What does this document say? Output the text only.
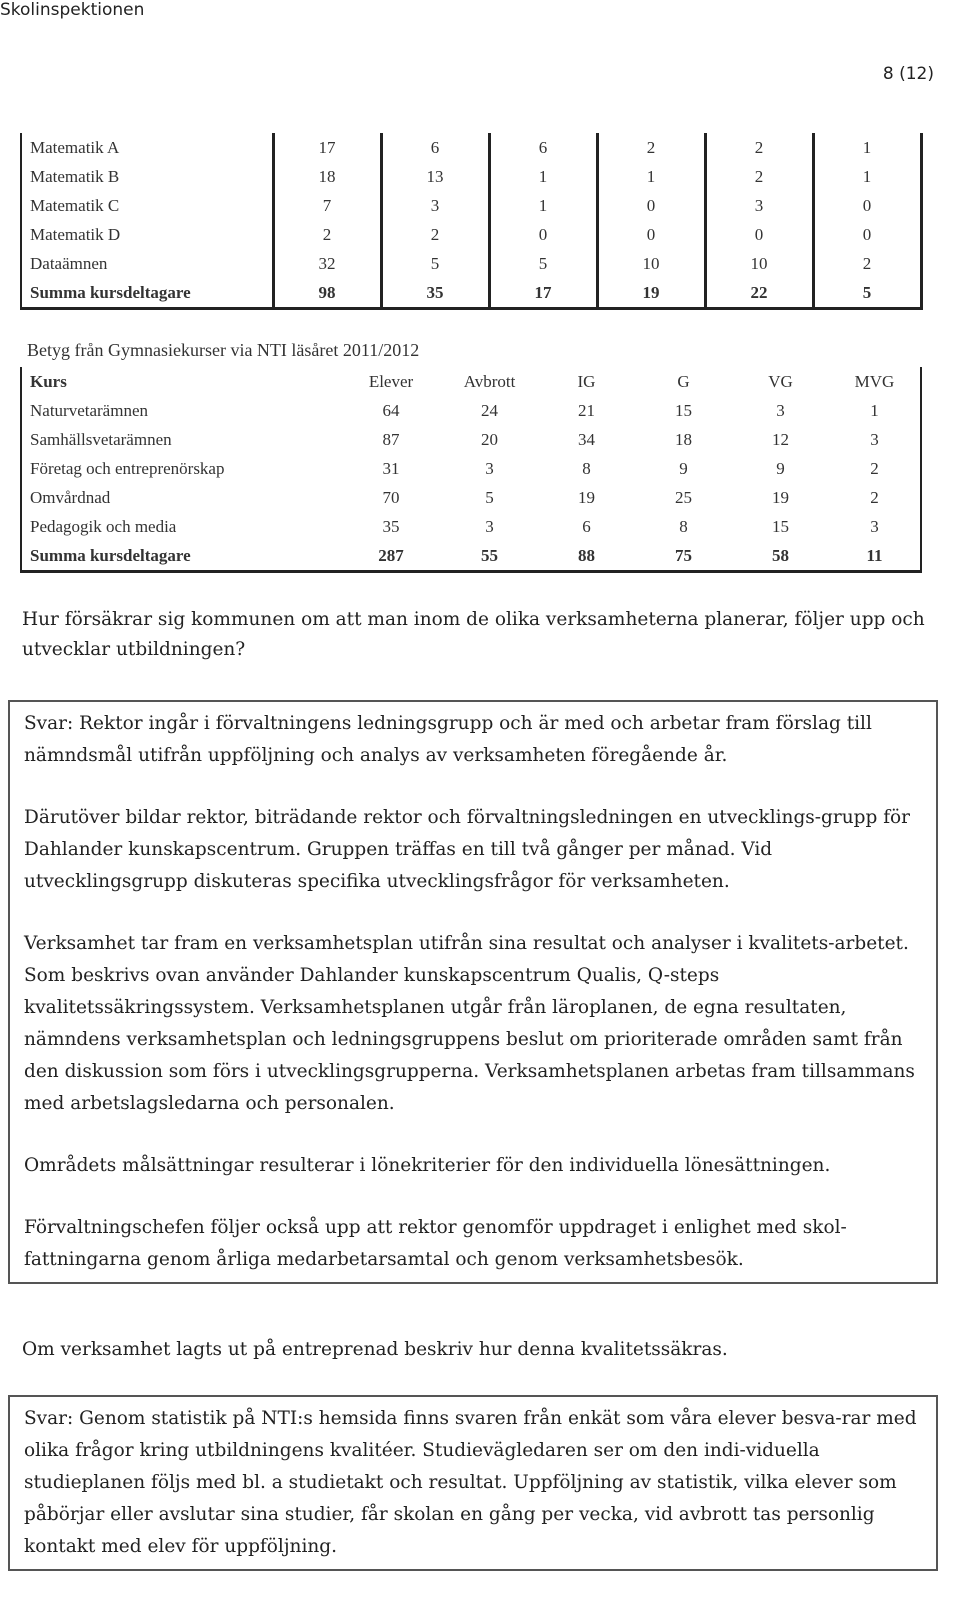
Skolinspektionen
8 (12)
Matematik A	17	6	6	2	2	1
Matematik B	18	13	1	1	2	1
Matematik C	7	3	1	0	3	0
Matematik D	2	2	0	0	0	0
Dataämnen	32	5	5	10	10	2
Summa kursdeltagare	98	35	17	19	22	5
Betyg från Gymnasiekurser via NTI läsåret 2011/2012
Kurs	Elever	Avbrott	IG	G	VG	MVG
Naturvetarämnen	64	24	21	15	3	1
Samhällsvetarämnen	87	20	34	18	12	3
Företag och entreprenörskap	31	3	8	9	9	2
Omvårdnad	70	5	19	25	19	2
Pedagogik och media	35	3	6	8	15	3
Summa kursdeltagare	287	55	88	75	58	11
Hur försäkrar sig kommunen om att man inom de olika verksamheterna planerar, följer upp och utvecklar utbildningen?

Svar: Rektor ingår i förvaltningens ledningsgrupp och är med och arbetar fram förslag till nämndsmål utifrån uppföljning och analys av verksamheten föregående år.

Därutöver bildar rektor, biträdande rektor och förvaltningsledningen en utvecklings-grupp för Dahlander kunskapscentrum. Gruppen träffas en till två gånger per månad. Vid utvecklingsgrupp diskuteras specifika utvecklingsfrågor för verksamheten.

Verksamhet tar fram en verksamhetsplan utifrån sina resultat och analyser i kvalitets-arbetet. Som beskrivs ovan använder Dahlander kunskapscentrum Qualis, Q-steps kvalitetssäkringssystem. Verksamhetsplanen utgår från läroplanen, de egna resultaten, nämndens verksamhetsplan och ledningsgruppens beslut om prioriterade områden samt från den diskussion som förs i utvecklingsgrupperna. Verksamhetsplanen arbetas fram tillsammans med arbetslagsledarna och personalen.

Områdets målsättningar resulterar i lönekriterier för den individuella lönesättningen.

Förvaltningschefen följer också upp att rektor genomför uppdraget i enlighet med skol-fattningarna genom årliga medarbetarsamtal och genom verksamhetsbesök.

Om verksamhet lagts ut på entreprenad beskriv hur denna kvalitetssäkras.

Svar: Genom statistik på NTI:s hemsida finns svaren från enkät som våra elever besva-rar med olika frågor kring utbildningens kvalitéer. Studievägledaren ser om den indi-viduella studieplanen följs med bl. a studietakt och resultat. Uppföljning av statistik, vilka elever som påbörjar eller avslutar sina studier, får skolan en gång per vecka, vid avbrott tas personlig kontakt med elev för uppföljning.
